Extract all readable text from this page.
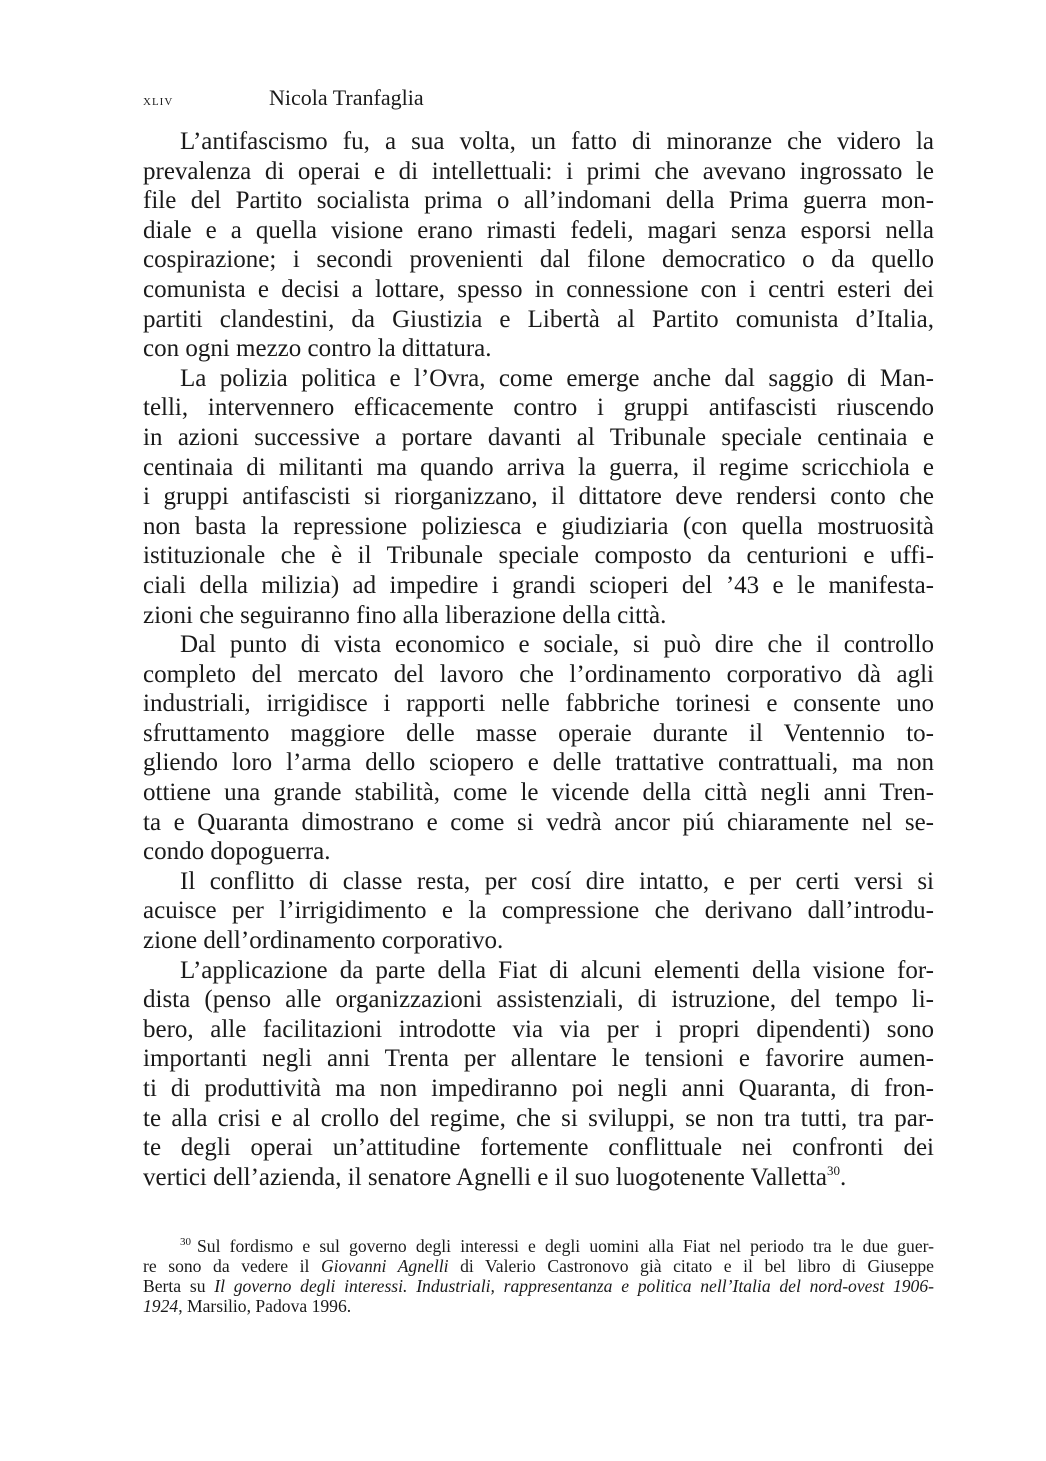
xliv	Nicola Tranfaglia
L’antifascismo fu, a sua volta, un fatto di minoranze che videro la
prevalenza di operai e di intellettuali: i primi che avevano ingrossato le
file del Partito socialista prima o all’indomani della Prima guerra mon-
diale e a quella visione erano rimasti fedeli, magari senza esporsi nella
cospirazione; i secondi provenienti dal filone democratico o da quello
comunista e decisi a lottare, spesso in connessione con i centri esteri dei
partiti clandestini, da Giustizia e Libertà al Partito comunista d’Italia,
con ogni mezzo contro la dittatura.
La polizia politica e l’Ovra, come emerge anche dal saggio di Man-
telli, intervennero efficacemente contro i gruppi antifascisti riuscendo
in azioni successive a portare davanti al Tribunale speciale centinaia e
centinaia di militanti ma quando arriva la guerra, il regime scricchiola e
i gruppi antifascisti si riorganizzano, il dittatore deve rendersi conto che
non basta la repressione poliziesca e giudiziaria (con quella mostruosità
istituzionale che è il Tribunale speciale composto da centurioni e uffi-
ciali della milizia) ad impedire i grandi scioperi del ’43 e le manifesta-
zioni che seguiranno fino alla liberazione della città.
Dal punto di vista economico e sociale, si può dire che il controllo
completo del mercato del lavoro che l’ordinamento corporativo dà agli
industriali, irrigidisce i rapporti nelle fabbriche torinesi e consente uno
sfruttamento maggiore delle masse operaie durante il Ventennio to-
gliendo loro l’arma dello sciopero e delle trattative contrattuali, ma non
ottiene una grande stabilità, come le vicende della città negli anni Tren-
ta e Quaranta dimostrano e come si vedrà ancor piú chiaramente nel se-
condo dopoguerra.
Il conflitto di classe resta, per cosí dire intatto, e per certi versi si
acuisce per l’irrigidimento e la compressione che derivano dall’introdu-
zione dell’ordinamento corporativo.
L’applicazione da parte della Fiat di alcuni elementi della visione for-
dista (penso alle organizzazioni assistenziali, di istruzione, del tempo li-
bero, alle facilitazioni introdotte via via per i propri dipendenti) sono
importanti negli anni Trenta per allentare le tensioni e favorire aumen-
ti di produttività ma non impediranno poi negli anni Quaranta, di fron-
te alla crisi e al crollo del regime, che si sviluppi, se non tra tutti, tra par-
te degli operai un’attitudine fortemente conflittuale nei confronti dei
vertici dell’azienda, il senatore Agnelli e il suo luogotenente Valletta$^{30}$.
$^{30}$ Sul fordismo e sul governo degli interessi e degli uomini alla Fiat nel periodo tra le due guer-
re sono da vedere il Giovanni Agnelli di Valerio Castronovo già citato e il bel libro di Giuseppe
Berta su Il governo degli interessi. Industriali, rappresentanza e politica nell’Italia del nord-ovest 1906-
1924, Marsilio, Padova 1996.
